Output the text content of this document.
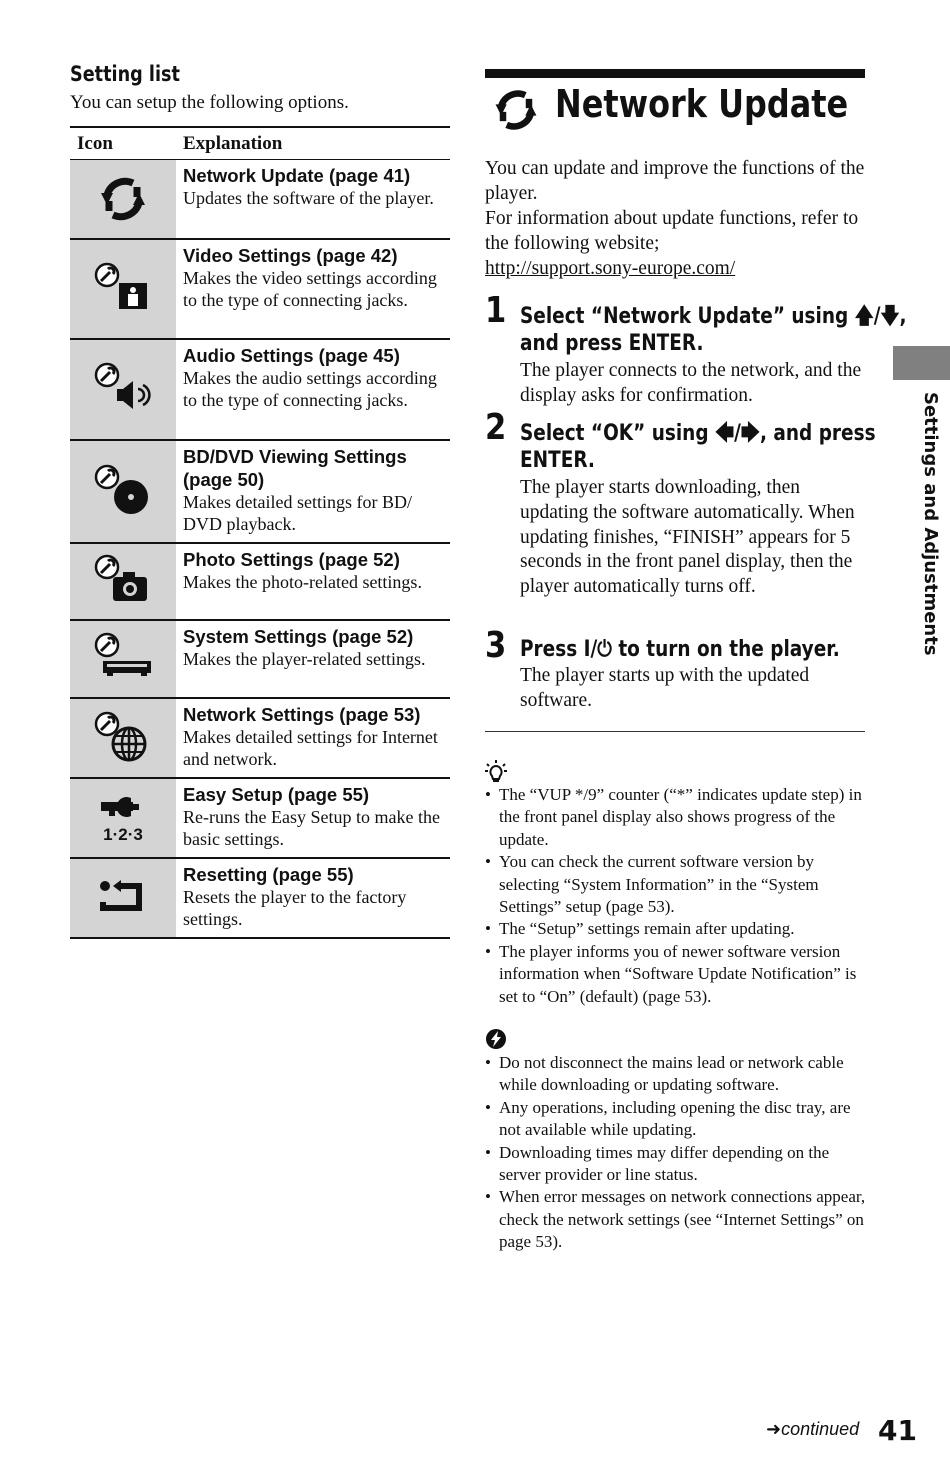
Setting list
You can setup the following options.
Icon	Explanation

Network Update (page 41)
Updates the software of the player.

Video Settings (page 42)
Makes the video settings according to the type of connecting jacks.

Audio Settings (page 45)
Makes the audio settings according to the type of connecting jacks.

BD/DVD Viewing Settings (page 50)
Makes detailed settings for BD/ DVD playback.

Photo Settings (page 52)
Makes the photo-related settings.

System Settings (page 52)
Makes the player-related settings.

Network Settings (page 53)
Makes detailed settings for Internet and network.

1·2·3	Easy Setup (page 55)
Re-runs the Easy Setup to make the basic settings.

Resetting (page 55)
Resets the player to the factory settings.
Network Update

You can update and improve the functions of the player.

For information about update functions, refer to the following website;

http://support.sony-europe.com/

1 Select “Network Update” using 🡅/🡇,
and press ENTER.
The player connects to the network, and the display asks for confirmation.
2 Select “OK” using 🡄/🡆, and press
ENTER.
The player starts downloading, then updating the software automatically. When updating finishes, “FINISH” appears for 5 seconds in the front panel display, then the player automatically turns off.
3 Press I/⏻ to turn on the player.
The player starts up with the updated software.
• The “VUP */9” counter (“*” indicates update step) in the front panel display also shows progress of the update.
• You can check the current software version by selecting “System Information” in the “System Settings” setup (page 53).
• The “Setup” settings remain after updating.
• The player informs you of newer software version information when “Software Update Notification” is set to “On” (default) (page 53).
• Do not disconnect the mains lead or network cable while downloading or updating software.
• Any operations, including opening the disc tray, are not available while updating.
• Downloading times may differ depending on the server provider or line status.
• When error messages on network connections appear, check the network settings (see “Internet Settings” on page 53).
Settings and Adjustments
➜continued 41
